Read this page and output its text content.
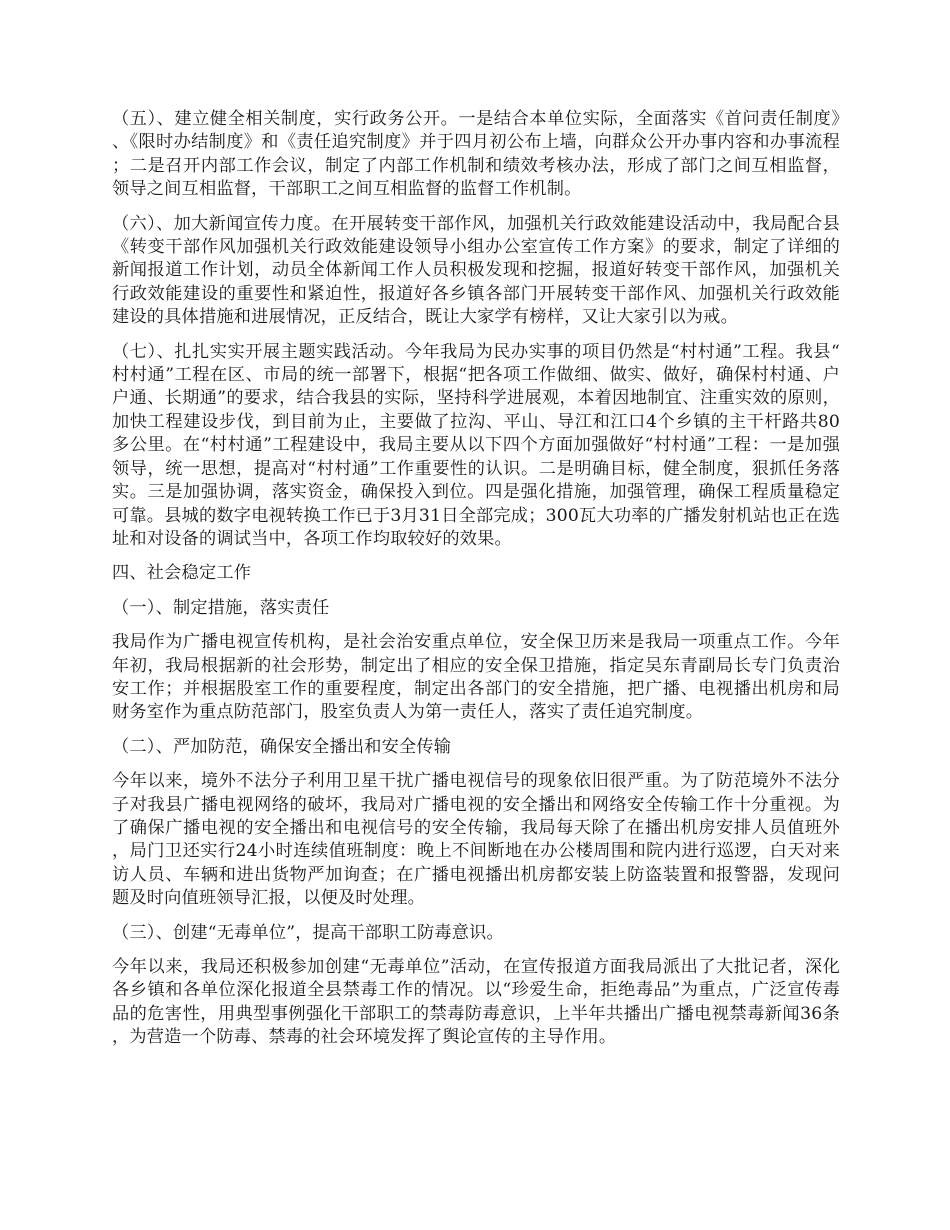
（五）、建立健全相关制度，实行政务公开。一是结合本单位实际，全面落实《首问责任制度》、《限时办结制度》和《责任追究制度》并于四月初公布上墙，向群众公开办事内容和办事流程；二是召开内部工作会议，制定了内部工作机制和绩效考核办法，形成了部门之间互相监督，领导之间互相监督，干部职工之间互相监督的监督工作机制。

（六）、加大新闻宣传力度。在开展转变干部作风，加强机关行政效能建设活动中，我局配合县《转变干部作风加强机关行政效能建设领导小组办公室宣传工作方案》的要求，制定了详细的新闻报道工作计划，动员全体新闻工作人员积极发现和挖掘，报道好转变干部作风，加强机关行政效能建设的重要性和紧迫性，报道好各乡镇各部门开展转变干部作风、加强机关行政效能建设的具体措施和进展情况，正反结合，既让大家学有榜样，又让大家引以为戒。

（七）、扎扎实实开展主题实践活动。今年我局为民办实事的项目仍然是“村村通”工程。我县“村村通”工程在区、市局的统一部署下，根据“把各项工作做细、做实、做好，确保村村通、户户通、长期通”的要求，结合我县的实际，坚持科学进展观，本着因地制宜、注重实效的原则，加快工程建设步伐，到目前为止，主要做了拉沟、平山、导江和江口4个乡镇的主干杆路共80多公里。在“村村通”工程建设中，我局主要从以下四个方面加强做好“村村通”工程：一是加强领导，统一思想，提高对“村村通”工作重要性的认识。二是明确目标，健全制度，狠抓任务落实。三是加强协调，落实资金，确保投入到位。四是强化措施，加强管理，确保工程质量稳定可靠。县城的数字电视转换工作已于3月31日全部完成；300瓦大功率的广播发射机站也正在选址和对设备的调试当中，各项工作均取较好的效果。

四、社会稳定工作

（一）、制定措施，落实责任

我局作为广播电视宣传机构，是社会治安重点单位，安全保卫历来是我局一项重点工作。今年年初，我局根据新的社会形势，制定出了相应的安全保卫措施，指定吴东青副局长专门负责治安工作；并根据股室工作的重要程度，制定出各部门的安全措施，把广播、电视播出机房和局财务室作为重点防范部门，股室负责人为第一责任人，落实了责任追究制度。

（二）、严加防范，确保安全播出和安全传输

今年以来，境外不法分子利用卫星干扰广播电视信号的现象依旧很严重。为了防范境外不法分子对我县广播电视网络的破坏，我局对广播电视的安全播出和网络安全传输工作十分重视。为了确保广播电视的安全播出和电视信号的安全传输，我局每天除了在播出机房安排人员值班外，局门卫还实行24小时连续值班制度：晚上不间断地在办公楼周围和院内进行巡逻，白天对来访人员、车辆和进出货物严加询查；在广播电视播出机房都安装上防盗装置和报警器，发现问题及时向值班领导汇报，以便及时处理。

（三）、创建“无毒单位”，提高干部职工防毒意识。

今年以来，我局还积极参加创建“无毒单位”活动，在宣传报道方面我局派出了大批记者，深化各乡镇和各单位深化报道全县禁毒工作的情况。以“珍爱生命，拒绝毒品”为重点，广泛宣传毒品的危害性，用典型事例强化干部职工的禁毒防毒意识，上半年共播出广播电视禁毒新闻36条，为营造一个防毒、禁毒的社会环境发挥了舆论宣传的主导作用。
